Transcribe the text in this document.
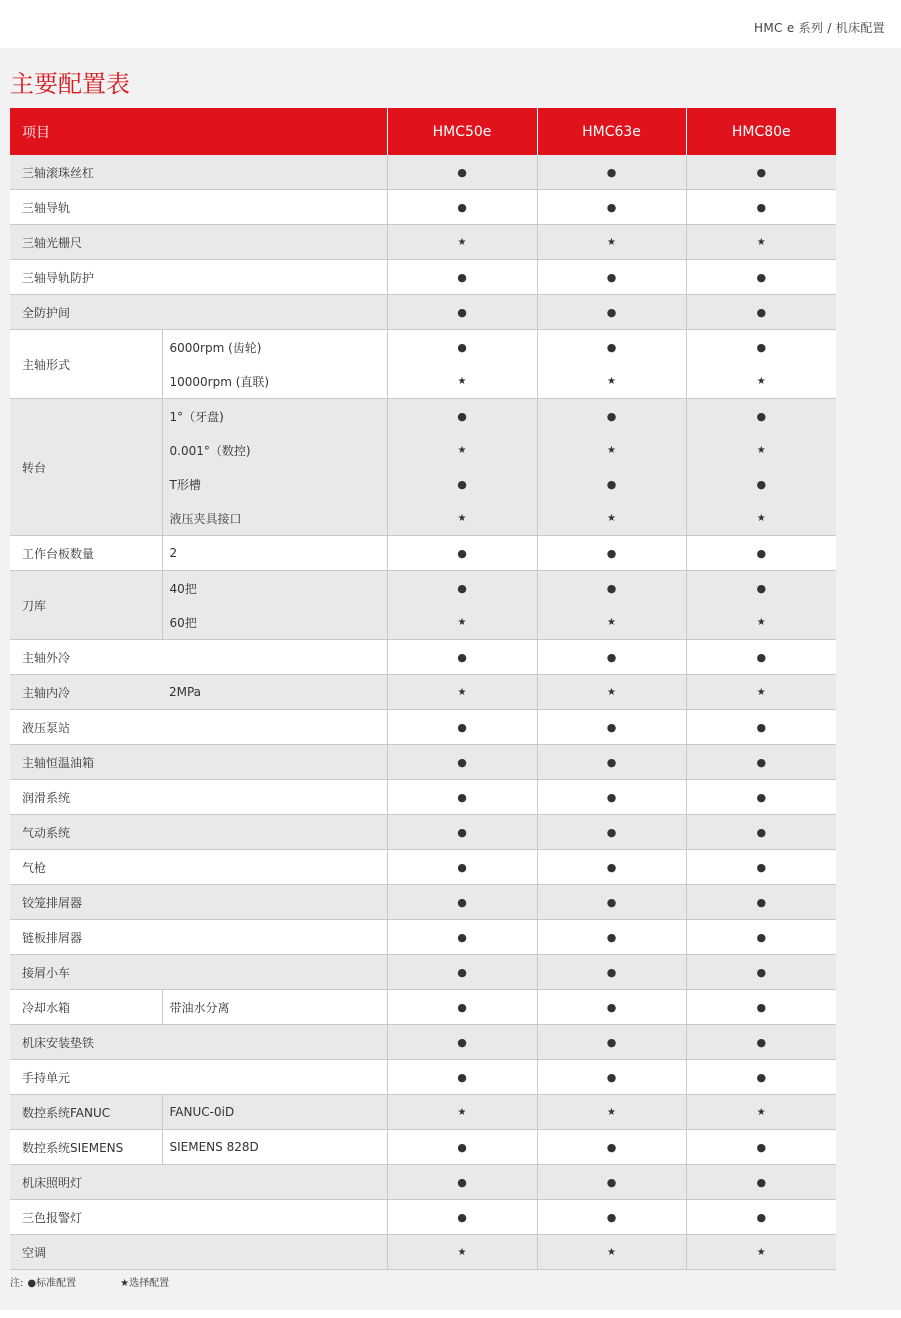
HMC e 系列 / 机床配置
主要配置表
项目		HMC50e	HMC63e	HMC80e
三轴滚珠丝杠		●	●	●
三轴导轨		●	●	●
三轴光栅尺		★	★	★
三轴导轨防护		●	●	●
全防护间		●	●	●
主轴形式	6000rpm (齿轮)	●	●	●
	10000rpm (直联)	★	★	★
转台	1°（牙盘)	●	●	●
	0.001°（数控)	★	★	★
	T形槽	●	●	●
	液压夹具接口	★	★	★
工作台板数量	2	●	●	●
刀库	40把	●	●	●
	60把	★	★	★
主轴外冷		●	●	●
主轴内冷	2MPa	★	★	★
液压泵站		●	●	●
主轴恒温油箱		●	●	●
润滑系统		●	●	●
气动系统		●	●	●
气枪		●	●	●
铰笼排屑器		●	●	●
链板排屑器		●	●	●
接屑小车		●	●	●
冷却水箱	带油水分离	●	●	●
机床安装垫铁		●	●	●
手持单元		●	●	●
数控系统FANUC	FANUC-0iD	★	★	★
数控系统SIEMENS	SIEMENS 828D	●	●	●
机床照明灯		●	●	●
三色报警灯		●	●	●
空调		★	★	★
注: ●标准配置	★选择配置
